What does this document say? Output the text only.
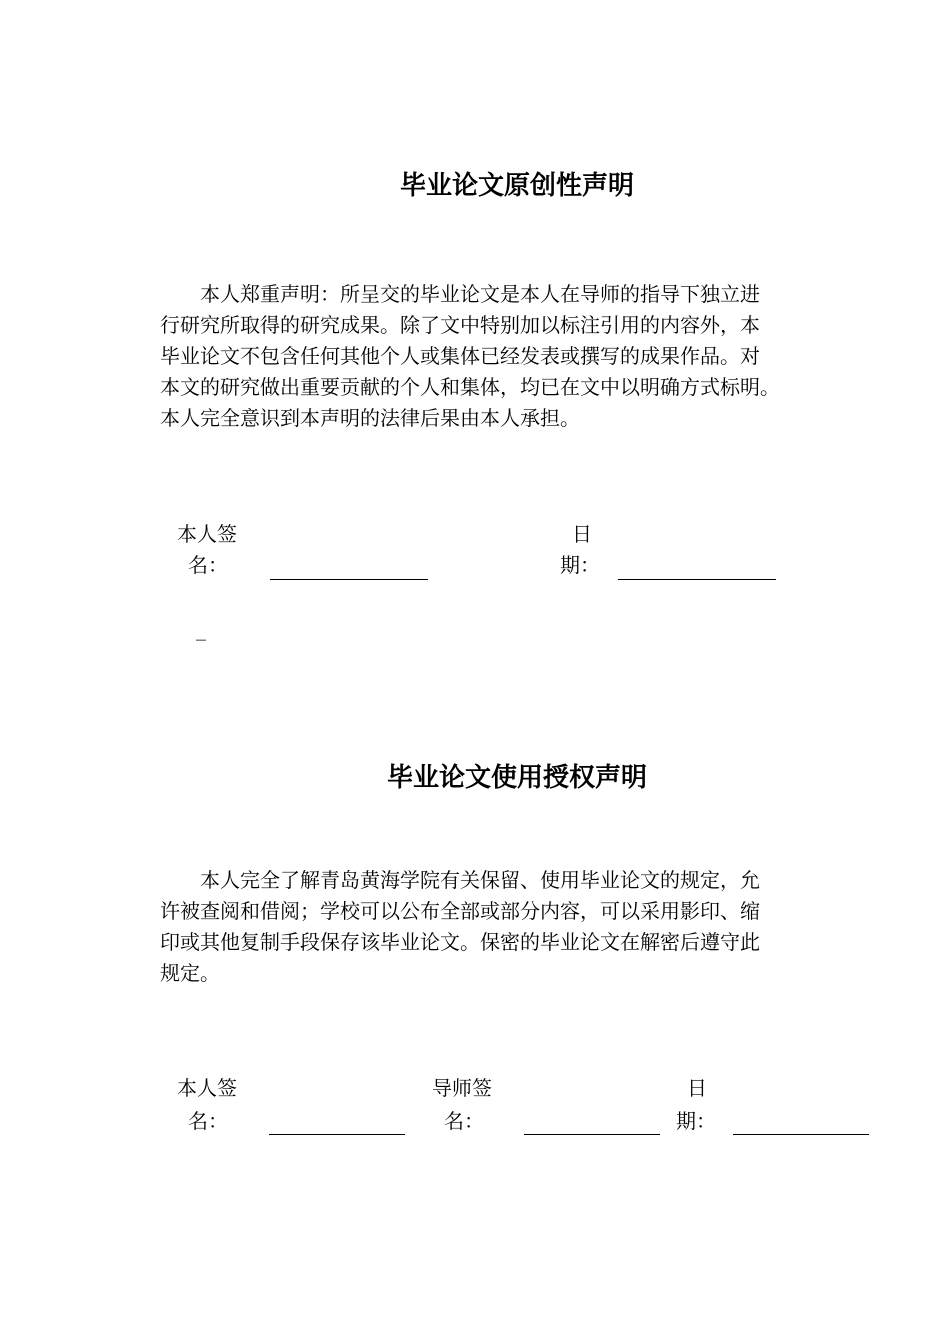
毕业论文原创性声明
　　本人郑重声明：所呈交的毕业论文是本人在导师的指导下独立进
行研究所取得的研究成果。除了文中特别加以标注引用的内容外，本
毕业论文不包含任何其他个人或集体已经发表或撰写的成果作品。对
本文的研究做出重要贡献的个人和集体，均已在文中以明确方式标明。
本人完全意识到本声明的法律后果由本人承担。
本人签
名：
日
期：
_
毕业论文使用授权声明
　　本人完全了解青岛黄海学院有关保留、使用毕业论文的规定，允
许被查阅和借阅；学校可以公布全部或部分内容，可以采用影印、缩
印或其他复制手段保存该毕业论文。保密的毕业论文在解密后遵守此
规定。
本人签
名：
导师签
名：
日
期：
